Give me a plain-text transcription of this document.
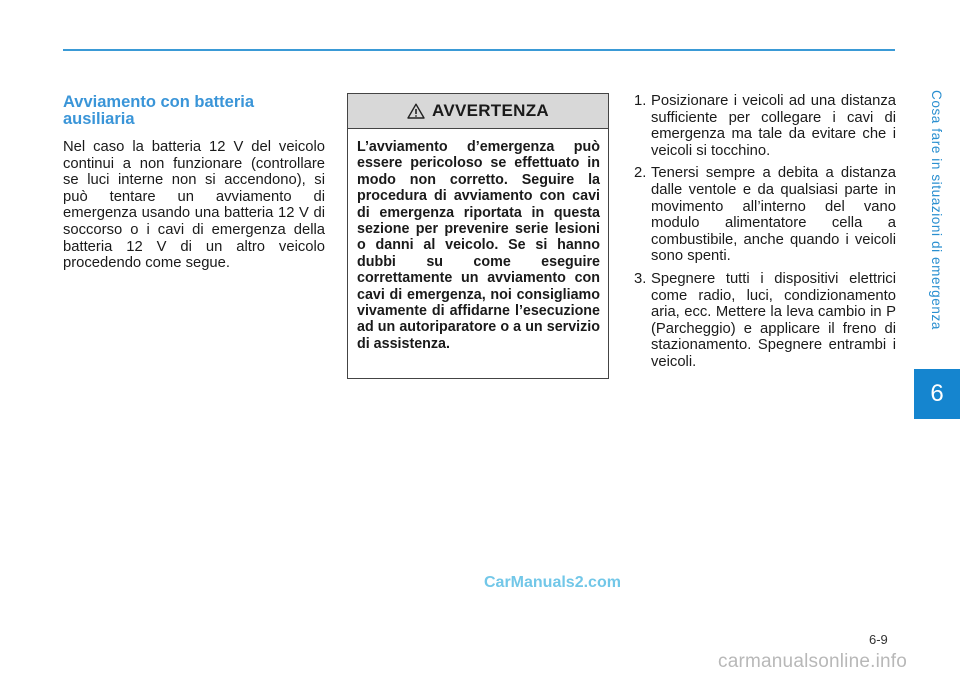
Cosa fare in situazioni di emergenza
6
Avviamento con batteria ausiliaria

Nel caso la batteria 12 V del veicolo continui a non funzionare (controllare se luci interne non si accendono), si può tentare un avviamento di emergenza usando una batteria 12 V di soccorso o i cavi di emergenza della batteria 12 V di un altro veicolo procedendo come segue.

AVVERTENZA
L’avviamento d’emergenza può essere pericoloso se effettuato in modo non corretto. Seguire la procedura di avviamento con cavi di emergenza riportata in questa sezione per prevenire serie lesioni o danni al veicolo. Se si hanno dubbi su come eseguire correttamente un avviamento con cavi di emergenza, noi consigliamo vivamente di affidarne l’esecuzione ad un autoriparatore o a un servizio di assistenza.
1. Posizionare i veicoli ad una distanza sufficiente per collegare i cavi di emergenza ma tale da evitare che i veicoli si tocchino.
2. Tenersi sempre a debita a distanza dalle ventole e da qualsiasi parte in movimento all’interno del vano modulo alimentatore cella a combustibile, anche quando i veicoli sono spenti.
3. Spegnere tutti i dispositivi elettrici come radio, luci, condizionamento aria, ecc. Mettere la leva cambio in P (Parcheggio) e applicare il freno di stazionamento. Spegnere entrambi i veicoli.
CarManuals2.com
6-9
carmanualsonline.info
